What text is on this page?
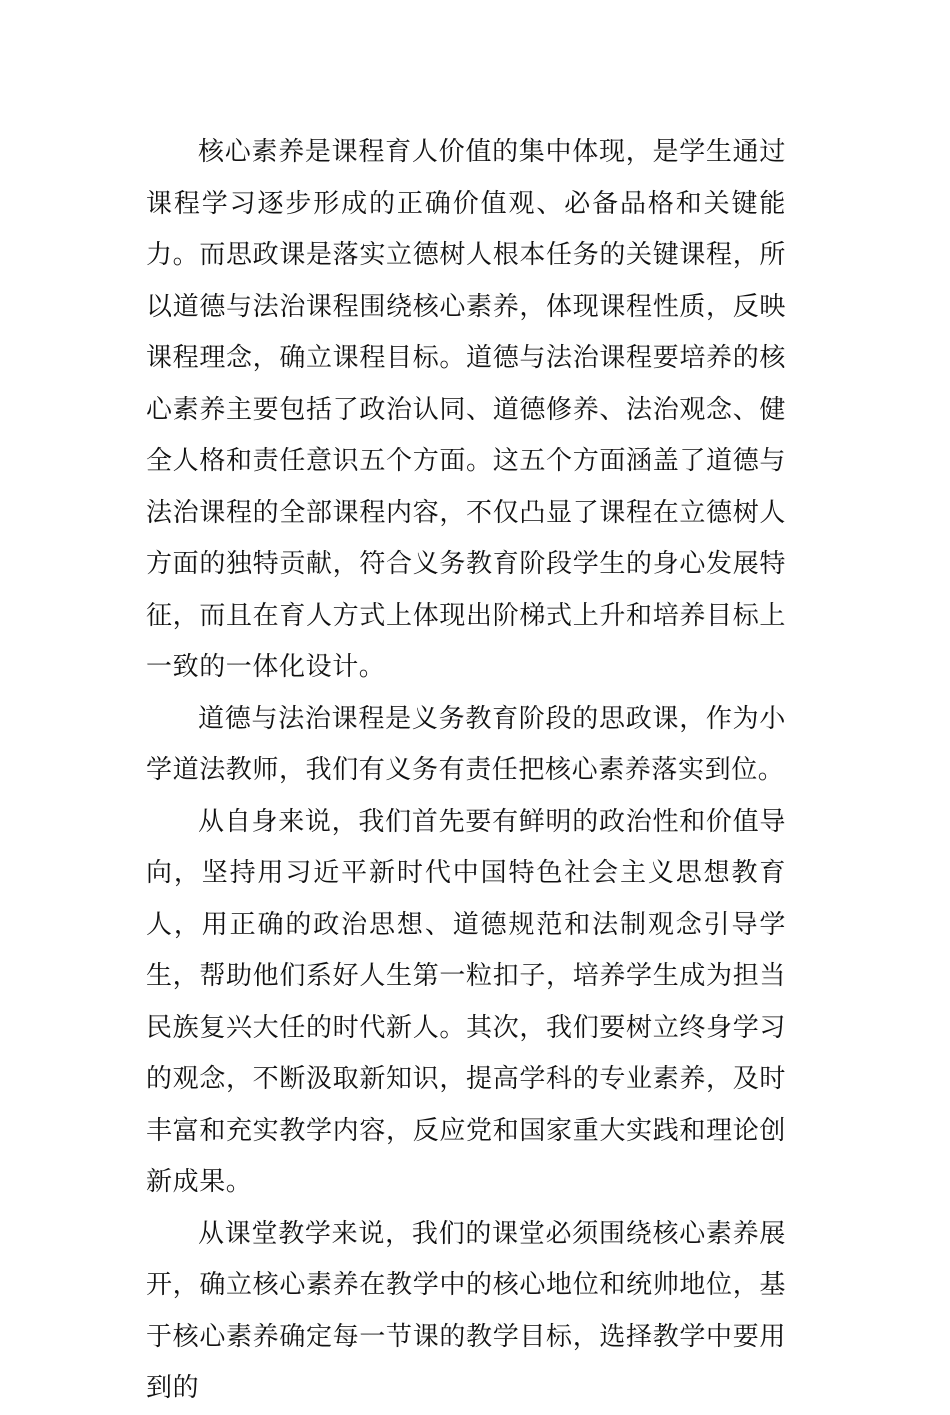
核心素养是课程育人价值的集中体现，是学生通过课程学习逐步形成的正确价值观、必备品格和关键能力。而思政课是落实立德树人根本任务的关键课程，所以道德与法治课程围绕核心素养，体现课程性质，反映课程理念，确立课程目标。道德与法治课程要培养的核心素养主要包括了政治认同、道德修养、法治观念、健全人格和责任意识五个方面。这五个方面涵盖了道德与法治课程的全部课程内容，不仅凸显了课程在立德树人方面的独特贡献，符合义务教育阶段学生的身心发展特征，而且在育人方式上体现出阶梯式上升和培养目标上一致的一体化设计。

道德与法治课程是义务教育阶段的思政课，作为小学道法教师，我们有义务有责任把核心素养落实到位。

从自身来说，我们首先要有鲜明的政治性和价值导向，坚持用习近平新时代中国特色社会主义思想教育人，用正确的政治思想、道德规范和法制观念引导学生，帮助他们系好人生第一粒扣子，培养学生成为担当民族复兴大任的时代新人。其次，我们要树立终身学习的观念，不断汲取新知识，提高学科的专业素养，及时丰富和充实教学内容，反应党和国家重大实践和理论创新成果。

从课堂教学来说，我们的课堂必须围绕核心素养展开，确立核心素养在教学中的核心地位和统帅地位，基于核心素养确定每一节课的教学目标，选择教学中要用到的
